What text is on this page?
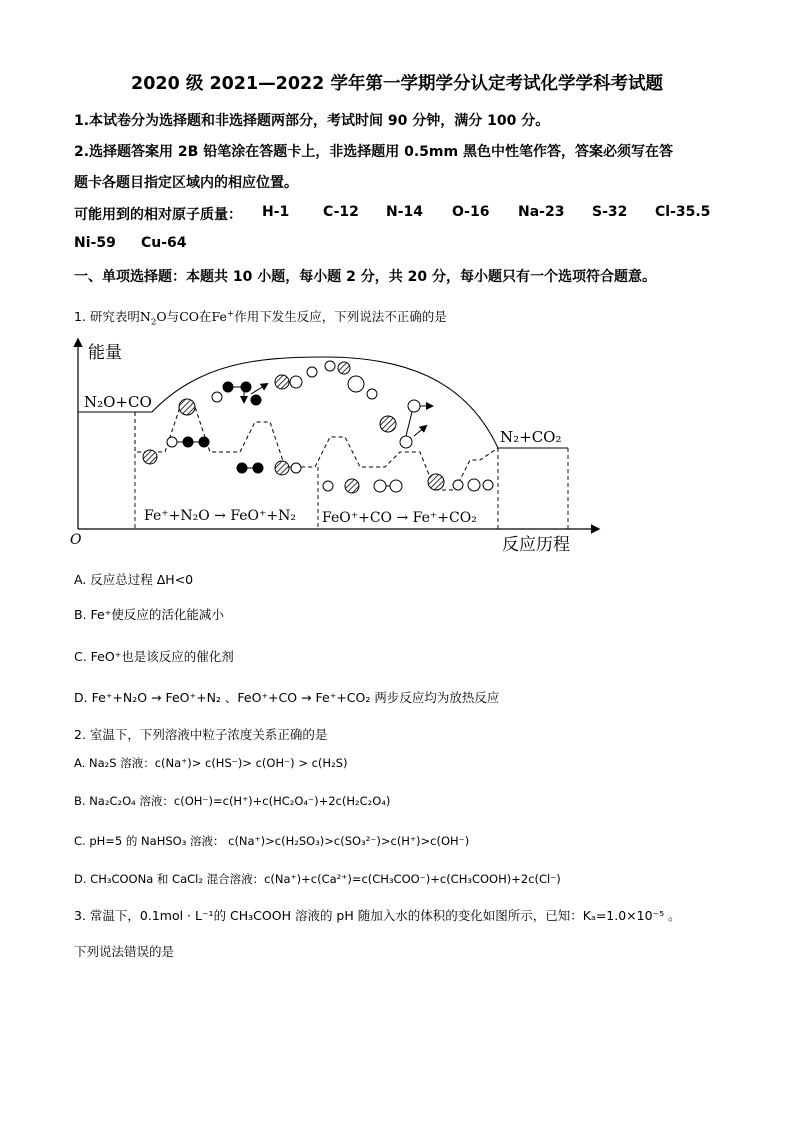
2020 级 2021—2022 学年第一学期学分认定考试化学学科考试题
1.本试卷分为选择题和非选择题两部分，考试时间 90 分钟，满分 100 分。
2.选择题答案用 2B 铅笔涂在答题卡上，非选择题用 0.5mm 黑色中性笔作答，答案必须写在答
题卡各题目指定区域内的相应位置。
可能用到的相对原子质量： H-1 C-12 N-14 O-16 Na-23 S-32 Cl-35.5
Ni-59 Cu-64
一、单项选择题：本题共 10 小题，每小题 2 分，共 20 分，每小题只有一个选项符合题意。
1. 研究表明$N_2O$与CO在Fe+作用下发生反应，下列说法不正确的是
能量
反应历程
O
N₂O+CO
N₂+CO₂
Fe⁺+N₂O → FeO⁺+N₂ FeO⁺+CO → Fe⁺+CO₂
A. 反应总过程 ΔH<0
B. Fe⁺使反应的活化能减小
C. FeO⁺也是该反应的催化剂
D. Fe⁺+N₂O → FeO⁺+N₂ 、FeO⁺+CO → Fe⁺+CO₂ 两步反应均为放热反应
2. 室温下，下列溶液中粒子浓度关系正确的是
A. Na₂S 溶液：c(Na⁺)> c(HS⁻)> c(OH⁻) > c(H₂S)
B. Na₂C₂O₄ 溶液：c(OH⁻)=c(H⁺)+c(HC₂O₄⁻)+2c(H₂C₂O₄)
C. pH=5 的 NaHSO₃ 溶液： c(Na⁺)>c(H₂SO₃)>c(SO₃²⁻)>c(H⁺)>c(OH⁻)
D. CH₃COONa 和 CaCl₂ 混合溶液：c(Na⁺)+c(Ca²⁺)=c(CH₃COO⁻)+c(CH₃COOH)+2c(Cl⁻)
3. 常温下，0.1mol · L⁻¹的 CH₃COOH 溶液的 pH 随加入水的体积的变化如图所示，已知：Kₐ=1.0×10⁻⁵ 。
下列说法错误的是
